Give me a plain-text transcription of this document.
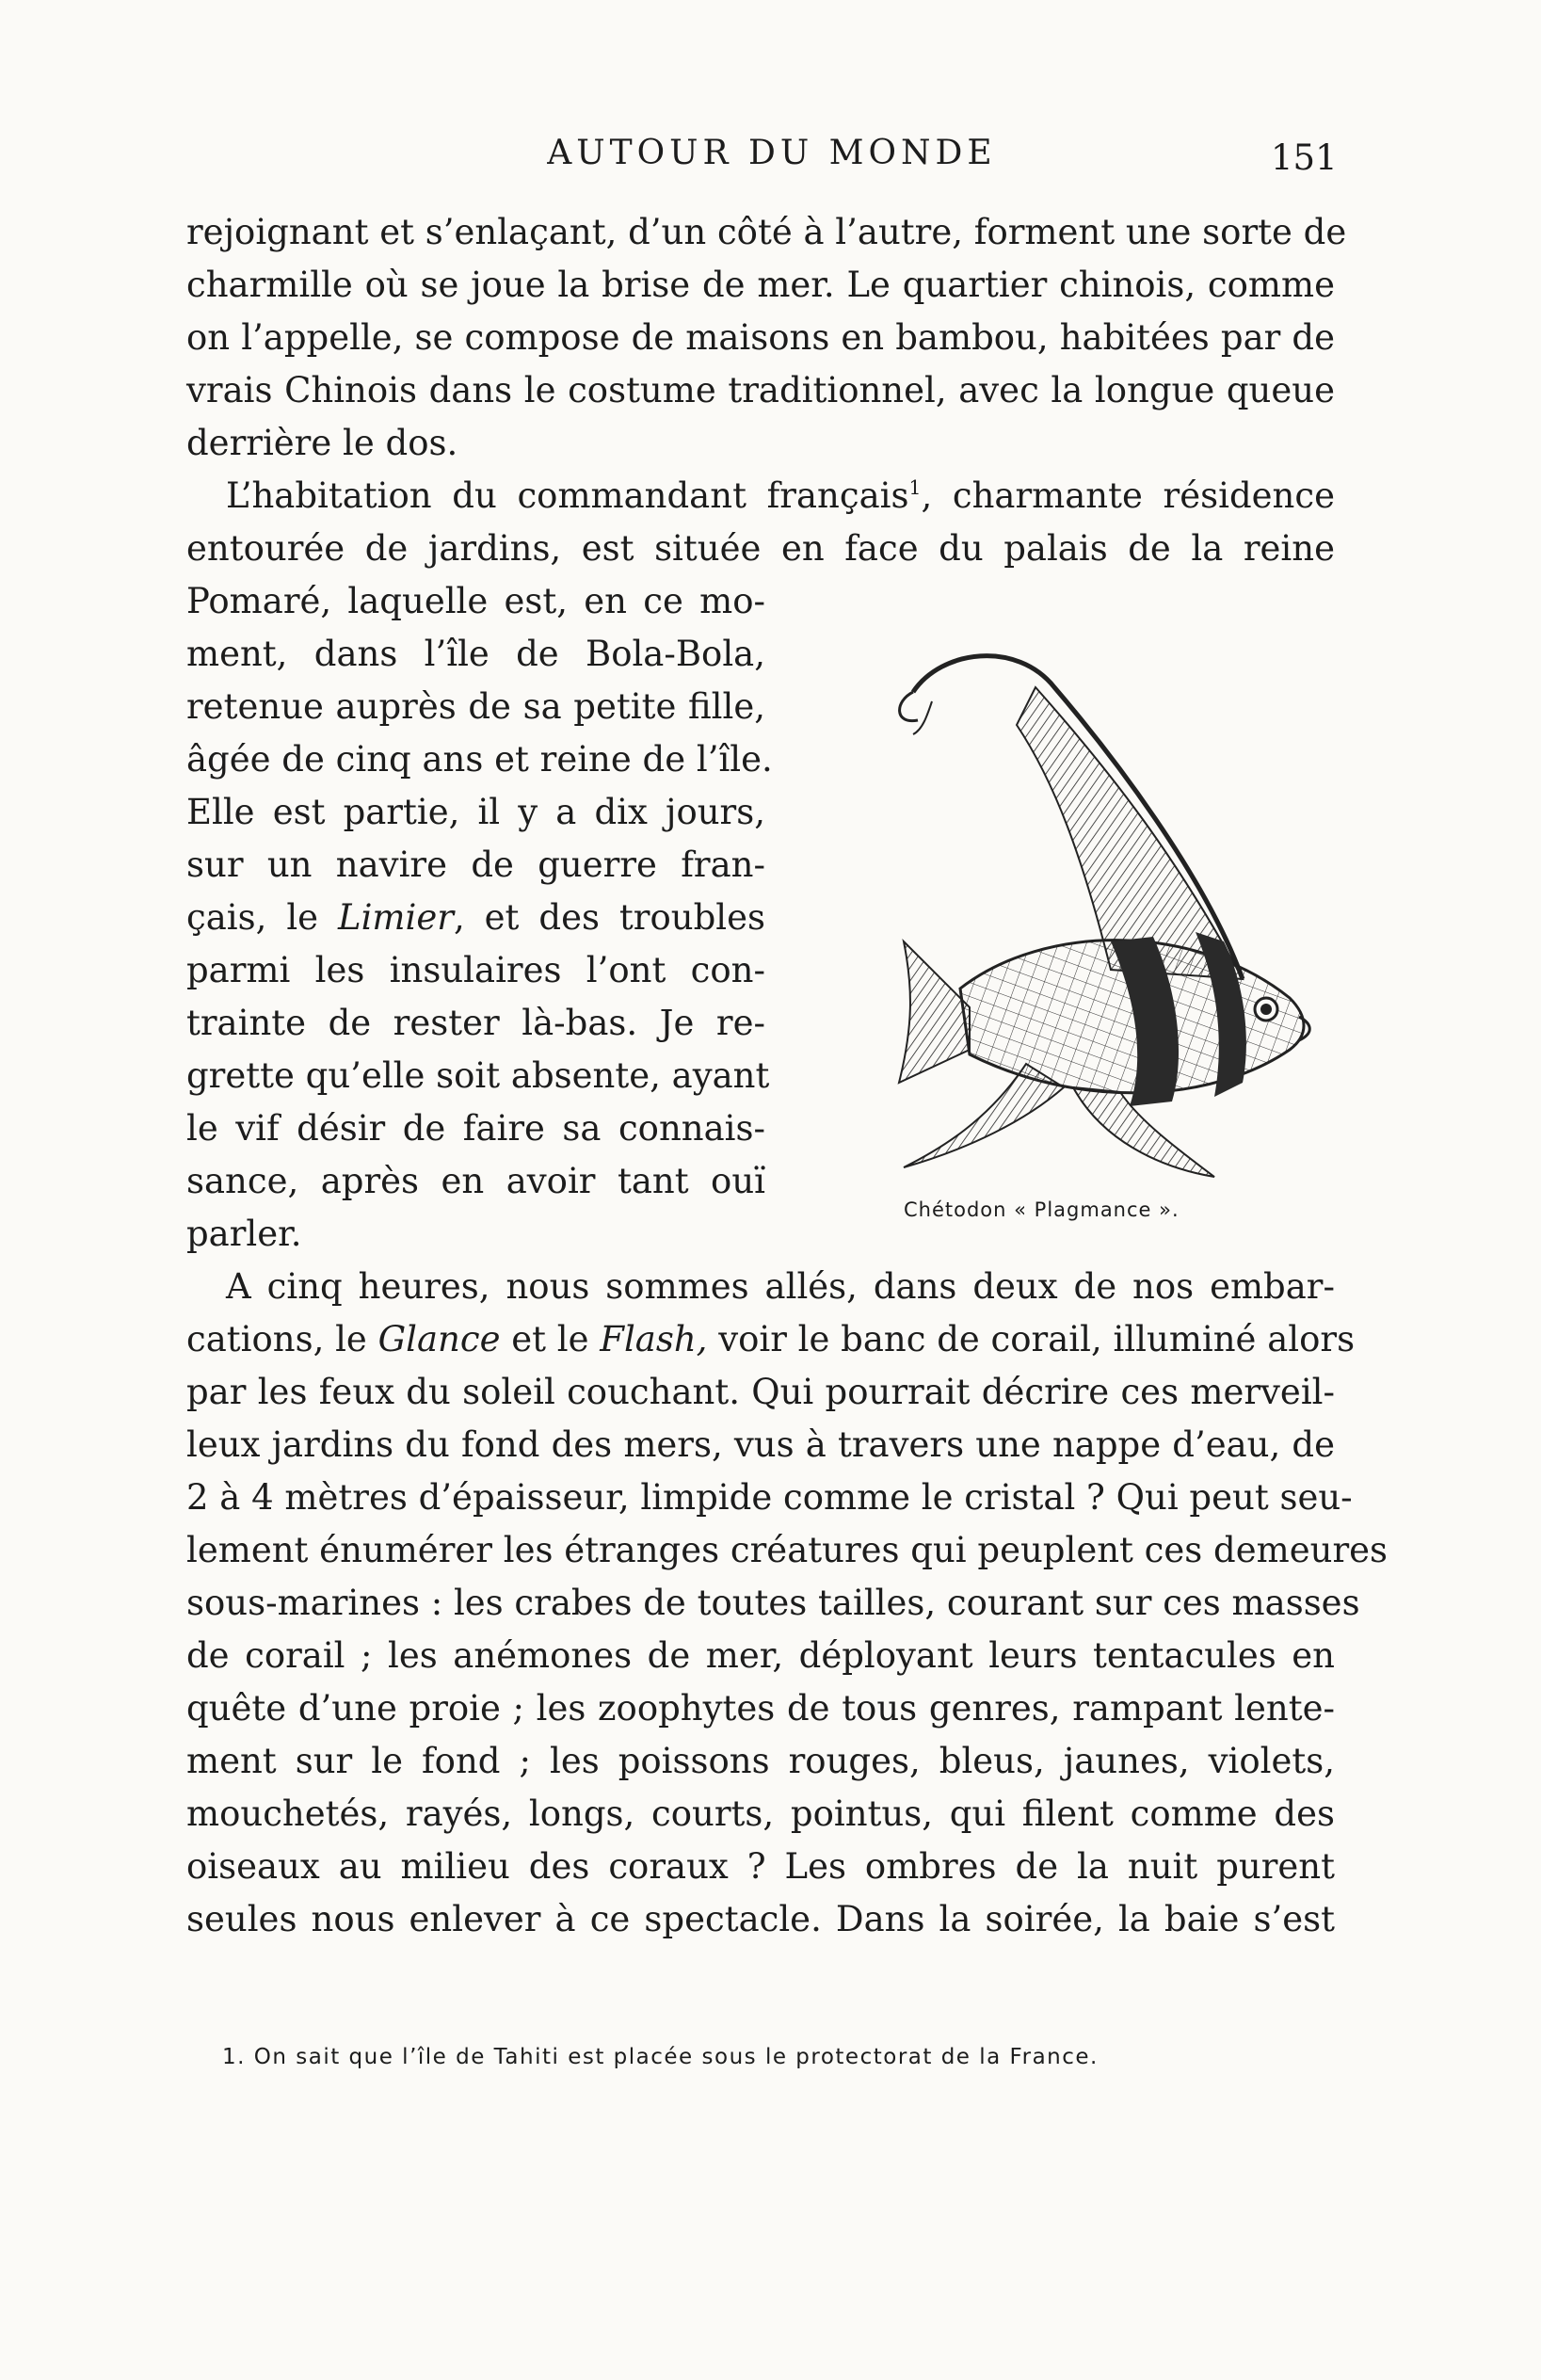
AUTOUR DU MONDE	151
rejoignant et s’enlaçant, d’un côté à l’autre, forment une sorte de
charmille où se joue la brise de mer. Le quartier chinois, comme
on l’appelle, se compose de maisons en bambou, habitées par de
vrais Chinois dans le costume traditionnel, avec la longue queue
derrière le dos.
L’habitation du commandant français$^1$, charmante résidence
entourée de jardins, est située en face du palais de la reine
Pomaré, laquelle est, en ce mo-
ment, dans l’île de Bola-Bola,
retenue auprès de sa petite fille,
âgée de cinq ans et reine de l’île.
Elle est partie, il y a dix jours,
sur un navire de guerre fran-
çais, le Limier, et des troubles
parmi les insulaires l’ont con-
trainte de rester là-bas. Je re-
grette qu’elle soit absente, ayant
le vif désir de faire sa connais-
sance, après en avoir tant ouï
parler.
A cinq heures, nous sommes allés, dans deux de nos embar-
cations, le Glance et le Flash, voir le banc de corail, illuminé alors
par les feux du soleil couchant. Qui pourrait décrire ces merveil-
leux jardins du fond des mers, vus à travers une nappe d’eau, de
2 à 4 mètres d’épaisseur, limpide comme le cristal ? Qui peut seu-
lement énumérer les étranges créatures qui peuplent ces demeures
sous-marines : les crabes de toutes tailles, courant sur ces masses
de corail ; les anémones de mer, déployant leurs tentacules en
quête d’une proie ; les zoophytes de tous genres, rampant lente-
ment sur le fond ; les poissons rouges, bleus, jaunes, violets,
mouchetés, rayés, longs, courts, pointus, qui filent comme des
oiseaux au milieu des coraux ? Les ombres de la nuit purent
seules nous enlever à ce spectacle. Dans la soirée, la baie s’est
Chétodon « Plagmance ».
1. On sait que l’île de Tahiti est placée sous le protectorat de la France.
